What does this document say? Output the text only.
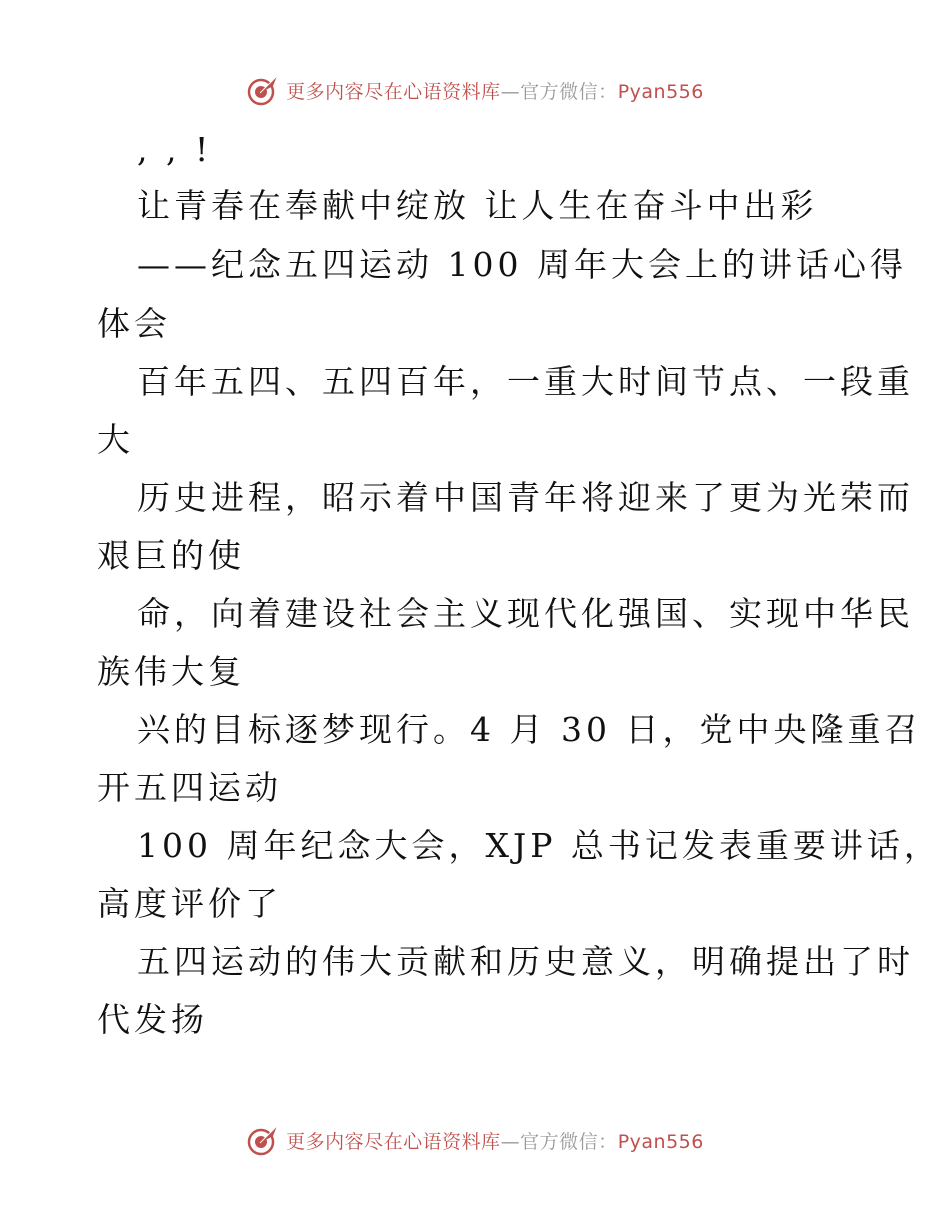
更多内容尽在心语资料库—官方微信：Pyan556
, , !
让青春在奉献中绽放 让人生在奋斗中出彩
——纪念五四运动 100 周年大会上的讲话心得
体会
百年五四、五四百年，一重大时间节点、一段重
大
历史进程，昭示着中国青年将迎来了更为光荣而
艰巨的使
命，向着建设社会主义现代化强国、实现中华民
族伟大复
兴的目标逐梦现行。4 月 30 日，党中央隆重召
开五四运动
100 周年纪念大会，XJP 总书记发表重要讲话，
高度评价了
五四运动的伟大贡献和历史意义，明确提出了时
代发扬
更多内容尽在心语资料库—官方微信：Pyan556
